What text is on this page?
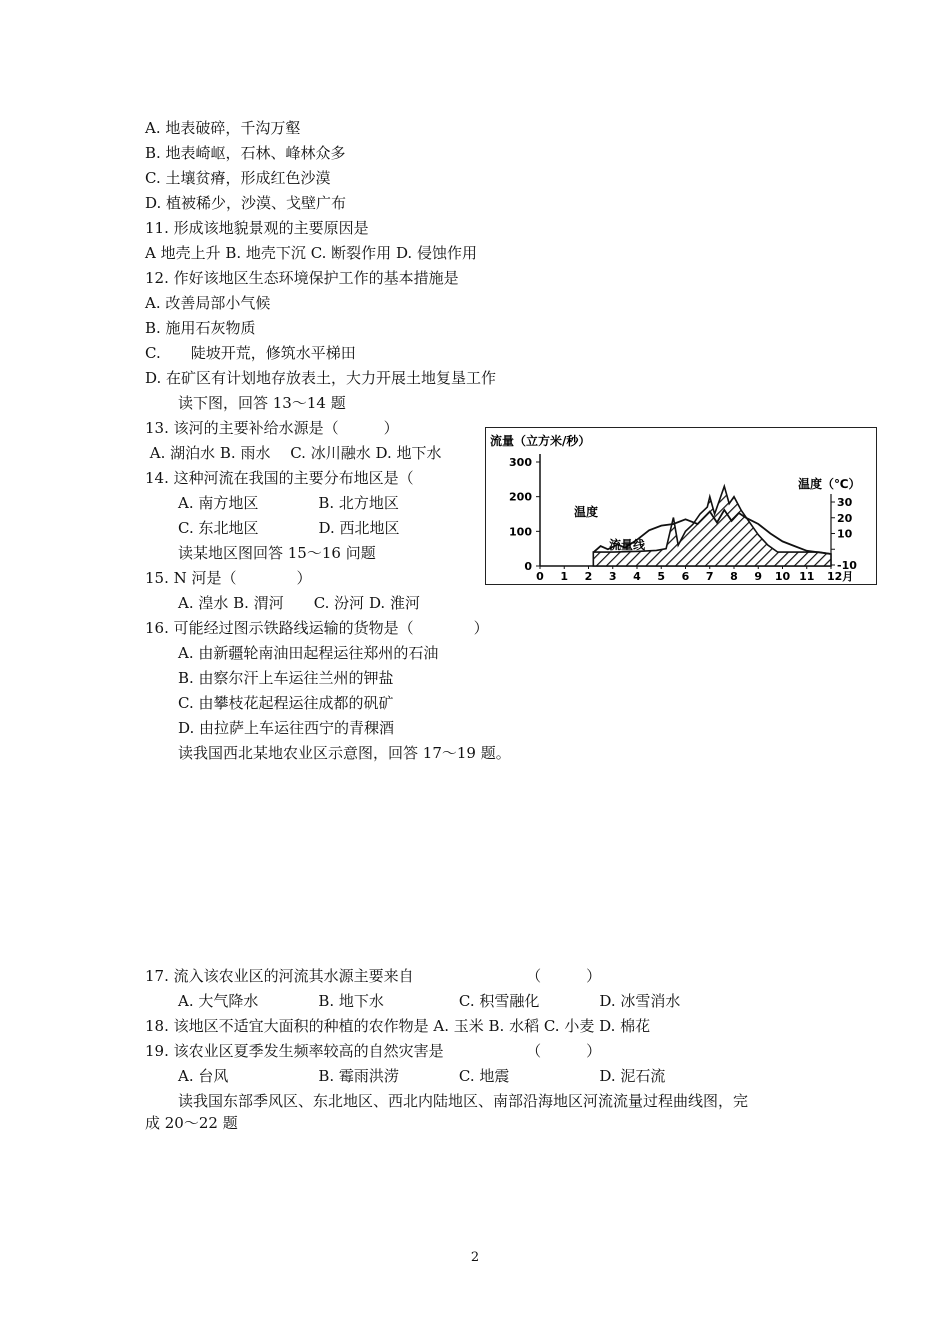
A. 地表破碎，千沟万壑
B. 地表崎岖，石林、峰林众多
C. 土壤贫瘠，形成红色沙漠
D. 植被稀少，沙漠、戈壁广布
11. 形成该地貌景观的主要原因是
A 地壳上升 B. 地壳下沉 C. 断裂作用 D. 侵蚀作用
12. 作好该地区生态环境保护工作的基本措施是
A. 改善局部小气候
B. 施用石灰物质
C.　　陡坡开荒，修筑水平梯田
D. 在矿区有计划地存放表土，大力开展土地复垦工作
读下图，回答 13～14 题
13. 该河的主要补给水源是（　　　）
A. 湖泊水 B. 雨水　 C. 冰川融水 D. 地下水
14. 这种河流在我国的主要分布地区是（
A. 南方地区　　　　B. 北方地区
C. 东北地区　　　　D. 西北地区
读某地区图回答 15～16 问题
15. N 河是（　　　　）
A. 湟水 B. 渭河　　C. 汾河 D. 淮河
16. 可能经过图示铁路线运输的货物是（　　　　）
A. 由新疆轮南油田起程运往郑州的石油
B. 由察尔汗上车运往兰州的钾盐
C. 由攀枝花起程运往成都的矾矿
D. 由拉萨上车运往西宁的青稞酒
读我国西北某地农业区示意图，回答 17～19 题。
17. 流入该农业区的河流其水源主要来自　　　　　　　　（　　　）
A. 大气降水　　　　B. 地下水　　　　　C. 积雪融化　　　　D. 冰雪消水
18. 该地区不适宜大面积的种植的农作物是 A. 玉米 B. 水稻 C. 小麦 D. 棉花
19. 该农业区夏季发生频率较高的自然灾害是　　　　　　（　　　）
A. 台风　　　　　　B. 霉雨洪涝　　　　C. 地震　　　　　　D. 泥石流
读我国东部季风区、东北地区、西北内陆地区、南部沿海地区河流流量过程曲线图，完
成 20～22 题
流量（立方米/秒）
温度（℃）
300
200
100
0
30
20
10
-10
0 1 2 3 4 5 6 7 8 9 10 11 12月
温度
流量线
2
